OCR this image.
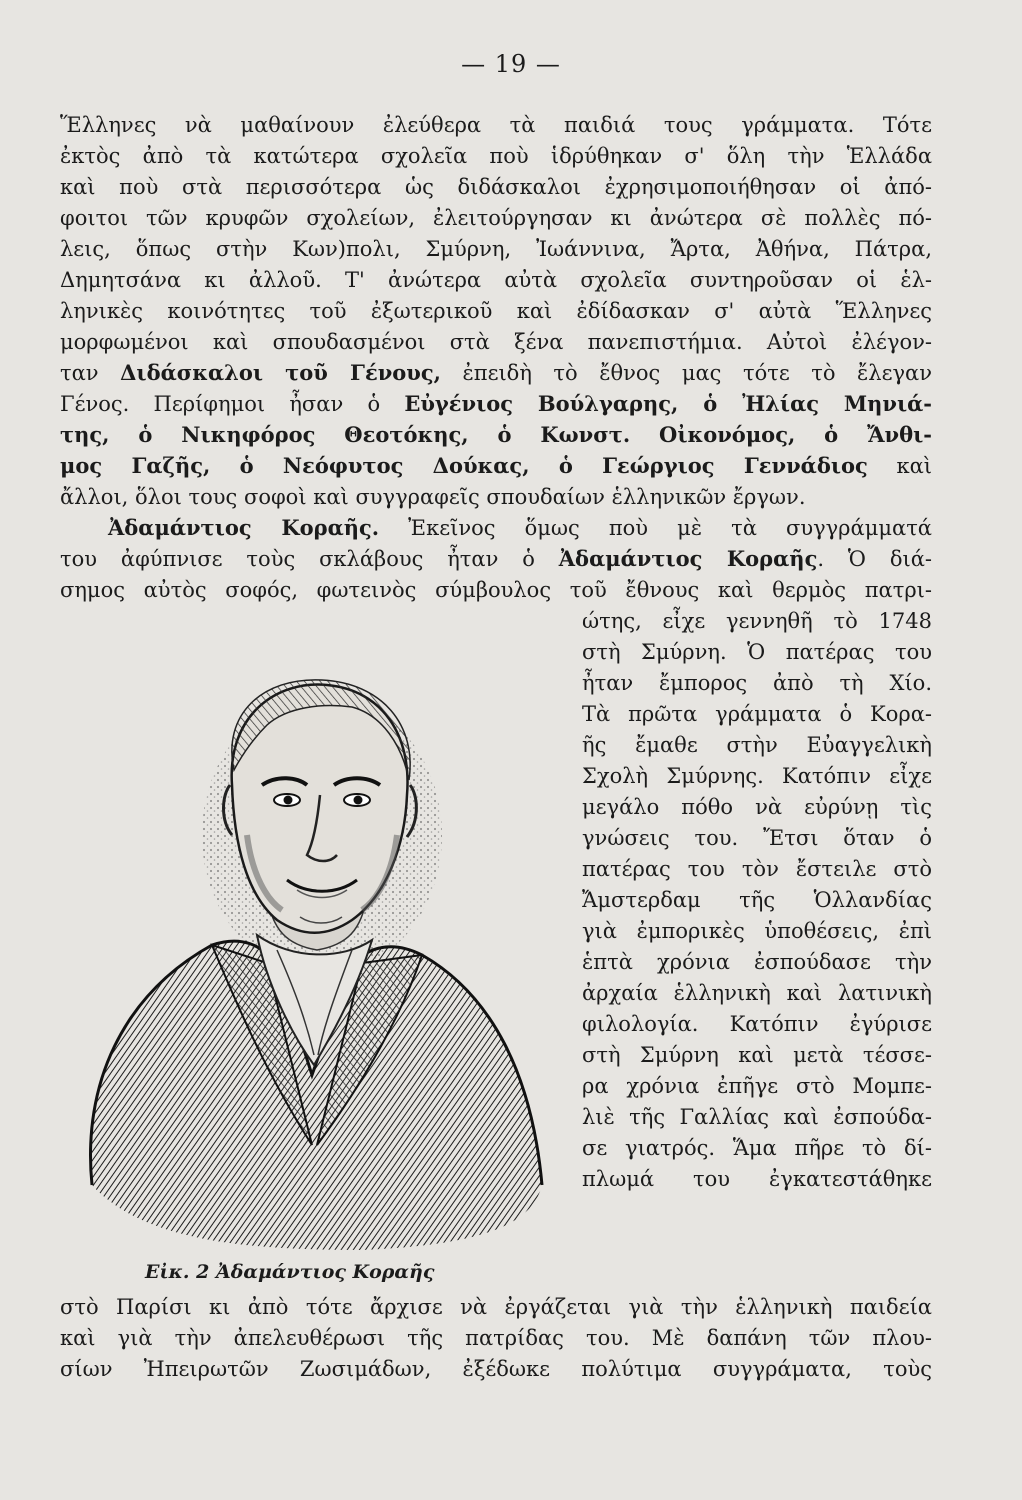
— 19 —
Ἕλληνες νὰ μαθαίνουν ἐλεύθερα τὰ παιδιά τους γράμματα. Τότε
ἐκτὸς ἀπὸ τὰ κατώτερα σχολεῖα ποὺ ἱδρύθηκαν σ' ὅλη τὴν Ἑλλάδα
καὶ ποὺ στὰ περισσότερα ὡς διδάσκαλοι ἐχρησιμοποιήθησαν οἱ ἀπό-
φοιτοι τῶν κρυφῶν σχολείων, ἐλειτούργησαν κι ἀνώτερα σὲ πολλὲς πό-
λεις, ὅπως στὴν Κων)πολι, Σμύρνη, Ἰωάννινα, Ἄρτα, Ἀθήνα, Πάτρα,
Δημητσάνα κι ἀλλοῦ. Τ' ἀνώτερα αὐτὰ σχολεῖα συντηροῦσαν οἱ ἑλ-
ληνικὲς κοινότητες τοῦ ἐξωτερικοῦ καὶ ἐδίδασκαν σ' αὐτὰ Ἕλληνες
μορφωμένοι καὶ σπουδασμένοι στὰ ξένα πανεπιστήμια. Αὐτοὶ ἐλέγον-
ταν Διδάσκαλοι τοῦ Γένους, ἐπειδὴ τὸ ἔθνος μας τότε τὸ ἔλεγαν
Γένος. Περίφημοι ἦσαν ὁ Εὐγένιος Βούλγαρης, ὁ Ἠλίας Μηνιά-
της, ὁ Νικηφόρος Θεοτόκης, ὁ Κωνστ. Οἰκονόμος, ὁ Ἄνθι-
μος Γαζῆς, ὁ Νεόφυτος Δούκας, ὁ Γεώργιος Γεννάδιος καὶ
ἄλλοι, ὅλοι τους σοφοὶ καὶ συγγραφεῖς σπουδαίων ἑλληνικῶν ἔργων.
Ἀδαμάντιος Κοραῆς. Ἐκεῖνος ὅμως ποὺ μὲ τὰ συγγράμματά
του ἀφύπνισε τοὺς σκλάβους ἦταν ὁ Ἀδαμάντιος Κοραῆς. Ὁ διά-
σημος αὐτὸς σοφός, φωτεινὸς σύμβουλος τοῦ ἔθνους καὶ θερμὸς πατρι-
ώτης, εἶχε γεννηθῆ τὸ 1748
στὴ Σμύρνη. Ὁ πατέρας του
ἦταν ἔμπορος ἀπὸ τὴ Χίο.
Τὰ πρῶτα γράμματα ὁ Κορα-
ῆς ἔμαθε στὴν Εὐαγγελικὴ
Σχολὴ Σμύρνης. Κατόπιν εἶχε
μεγάλο πόθο νὰ εὐρύνῃ τὶς
γνώσεις του. Ἔτσι ὅταν ὁ
πατέρας του τὸν ἔστειλε στὸ
Ἄμστερδαμ τῆς Ὁλλανδίας
γιὰ ἐμπορικὲς ὑποθέσεις, ἐπὶ
ἑπτὰ χρόνια ἐσπούδασε τὴν
ἀρχαία ἑλληνικὴ καὶ λατινικὴ
φιλολογία. Κατόπιν ἐγύρισε
στὴ Σμύρνη καὶ μετὰ τέσσε-
ρα χρόνια ἐπῆγε στὸ Μομπε-
λιὲ τῆς Γαλλίας καὶ ἐσπούδα-
σε γιατρός. Ἅμα πῆρε τὸ δί-
πλωμά του ἐγκατεστάθηκε
Εἰκ. 2 Ἀδαμάντιος Κοραῆς
στὸ Παρίσι κι ἀπὸ τότε ἄρχισε νὰ ἐργάζεται γιὰ τὴν ἑλληνικὴ παιδεία
καὶ γιὰ τὴν ἀπελευθέρωσι τῆς πατρίδας του. Μὲ δαπάνη τῶν πλου-
σίων Ἠπειρωτῶν Ζωσιμάδων, ἐξέδωκε πολύτιμα συγγράματα, τοὺς
